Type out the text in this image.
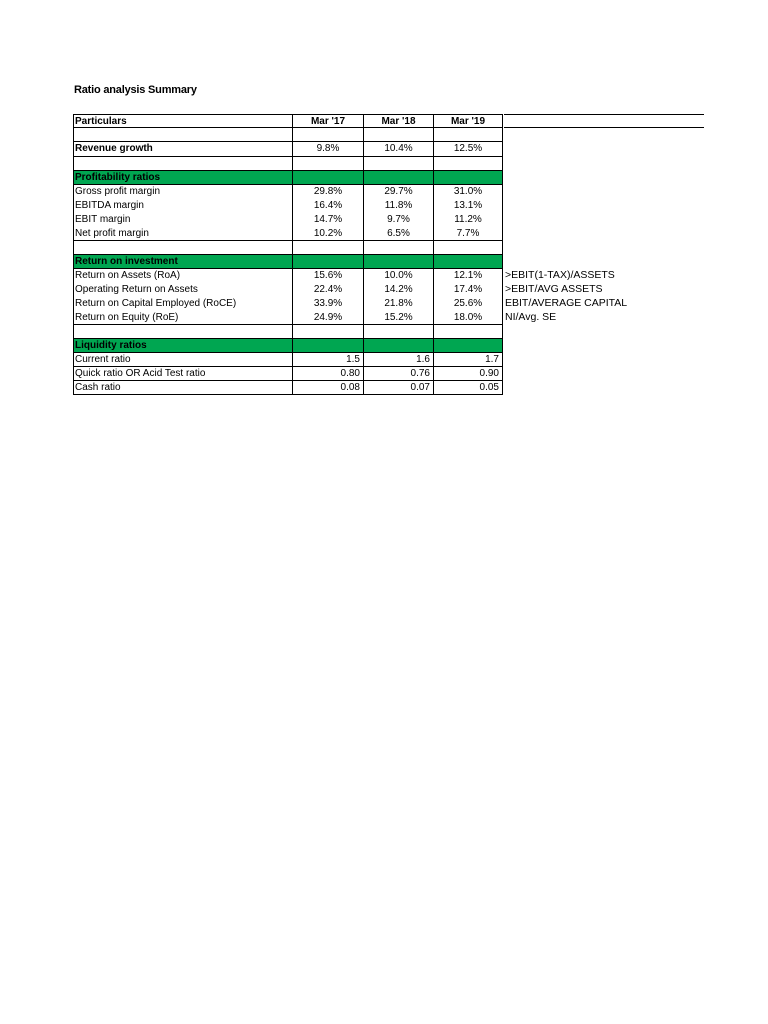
Ratio analysis Summary
Particulars	Mar '17	Mar '18	Mar '19
Revenue growth	9.8%	10.4%	12.5%
Profitability ratios
Gross profit margin	29.8%	29.7%	31.0%
EBITDA margin	16.4%	11.8%	13.1%
EBIT margin	14.7%	9.7%	11.2%
Net profit margin	10.2%	6.5%	7.7%
Return on investment
Return on Assets (RoA)	15.6%	10.0%	12.1%	>EBIT(1-TAX)/ASSETS
Operating Return on Assets	22.4%	14.2%	17.4%	>EBIT/AVG ASSETS
Return on Capital Employed (RoCE)	33.9%	21.8%	25.6%	EBIT/AVERAGE CAPITAL
Return on Equity (RoE)	24.9%	15.2%	18.0%	NI/Avg. SE
Liquidity ratios
Current ratio	1.5	1.6	1.7
Quick ratio OR Acid Test ratio	0.80	0.76	0.90
Cash ratio	0.08	0.07	0.05
